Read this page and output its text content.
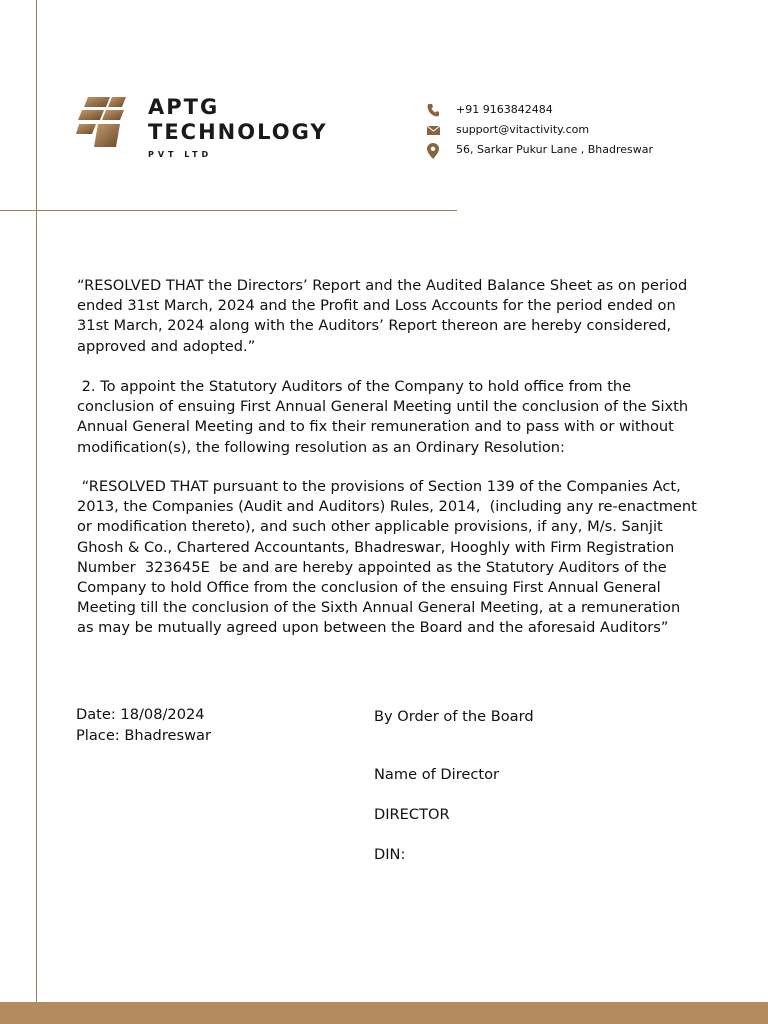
APTG
TECHNOLOGY
PVT LTD
+91 9163842484
support@vitactivity.com
56, Sarkar Pukur Lane , Bhadreswar

“RESOLVED THAT the Directors’ Report and the Audited Balance Sheet as on period ended 31st March, 2024 and the Profit and Loss Accounts for the period ended on 31st March, 2024 along with the Auditors’ Report thereon are hereby considered, approved and adopted.”

2. To appoint the Statutory Auditors of the Company to hold office from the conclusion of ensuing First Annual General Meeting until the conclusion of the Sixth Annual General Meeting and to fix their remuneration and to pass with or without modification(s), the following resolution as an Ordinary Resolution:

“RESOLVED THAT pursuant to the provisions of Section 139 of the Companies Act, 2013, the Companies (Audit and Auditors) Rules, 2014,  (including any re-enactment or modification thereto), and such other applicable provisions, if any, M/s. Sanjit Ghosh & Co., Chartered Accountants, Bhadreswar, Hooghly with Firm Registration Number  323645E  be and are hereby appointed as the Statutory Auditors of the Company to hold Office from the conclusion of the ensuing First Annual General Meeting till the conclusion of the Sixth Annual General Meeting, at a remuneration as may be mutually agreed upon between the Board and the aforesaid Auditors”

Date: 18/08/2024
Place: Bhadreswar
By Order of the Board
Name of Director
DIRECTOR
DIN:
